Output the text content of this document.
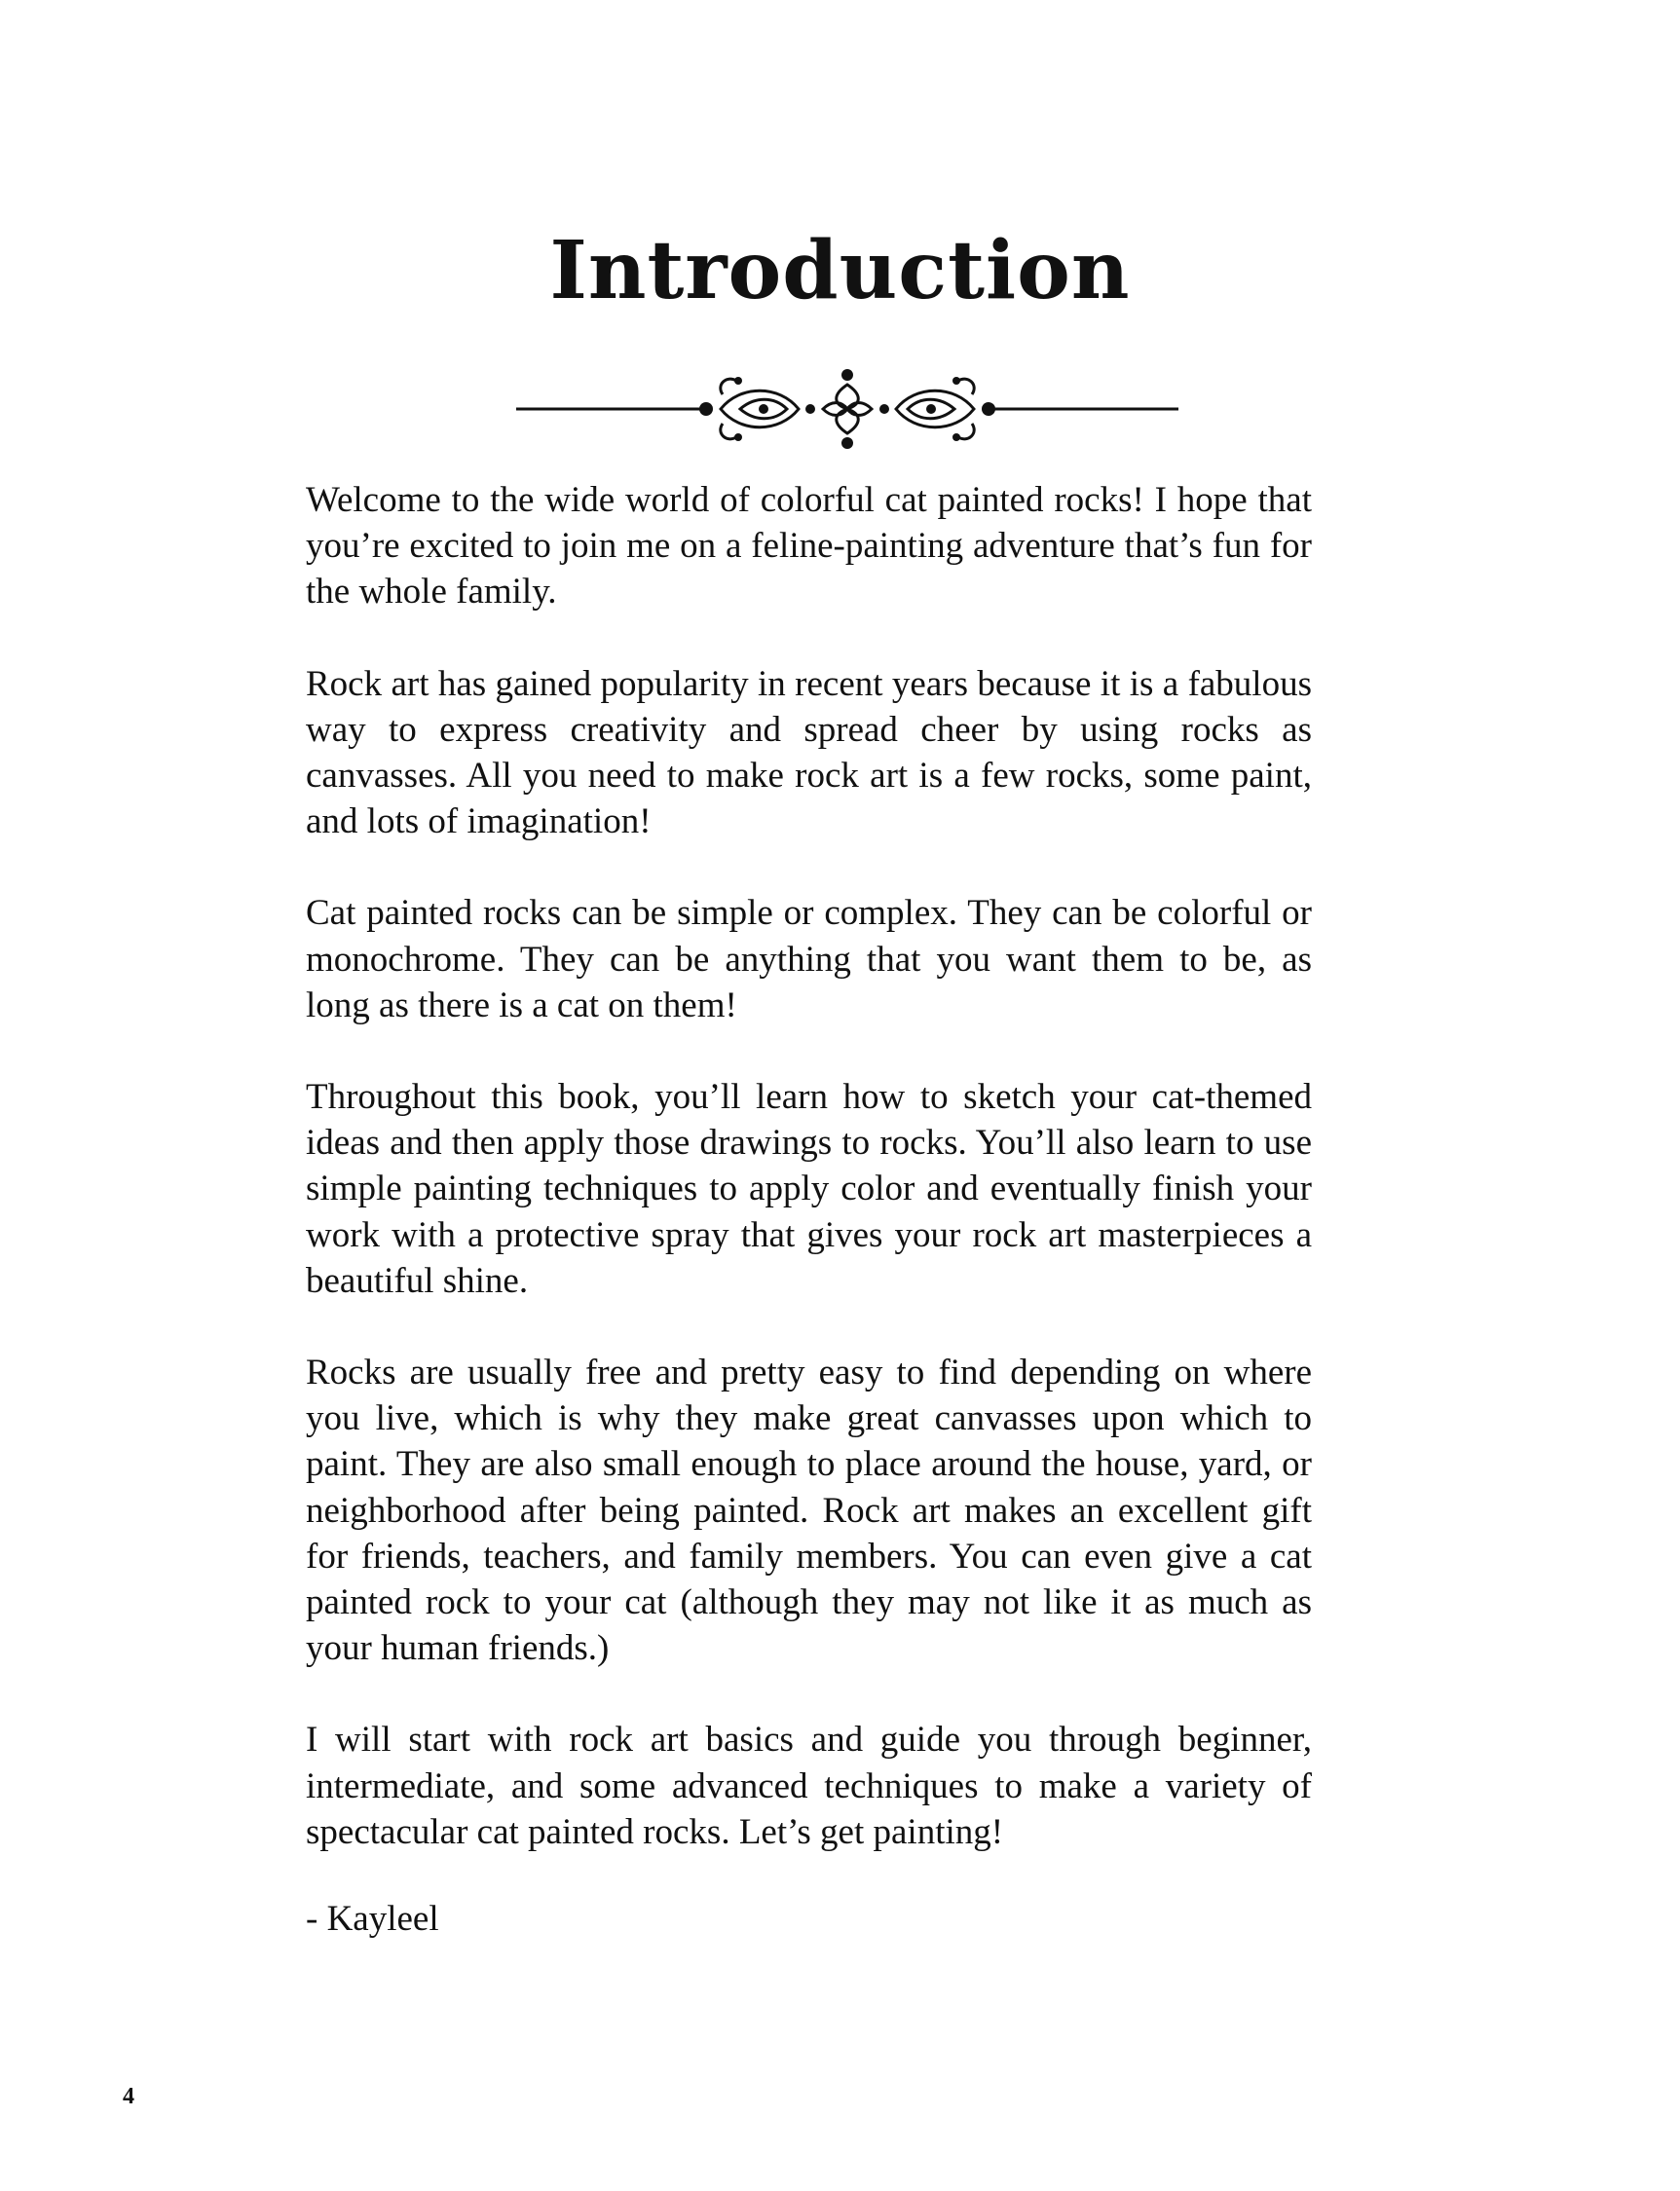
Introduction

Welcome to the wide world of colorful cat painted rocks! I hope that you’re excited to join me on a feline-painting adventure that’s fun for the whole family.

Rock art has gained popularity in recent years because it is a fabulous way to express creativity and spread cheer by using rocks as canvasses. All you need to make rock art is a few rocks, some paint, and lots of imagination!

Cat painted rocks can be simple or complex. They can be colorful or monochrome. They can be anything that you want them to be, as long as there is a cat on them!

Throughout this book, you’ll learn how to sketch your cat-themed ideas and then apply those drawings to rocks. You’ll also learn to use simple painting techniques to apply color and eventually finish your work with a protective spray that gives your rock art masterpieces a beautiful shine.

Rocks are usually free and pretty easy to find depending on where you live, which is why they make great canvasses upon which to paint. They are also small enough to place around the house, yard, or neighborhood after being painted. Rock art makes an excellent gift for friends, teachers, and family members. You can even give a cat painted rock to your cat (although they may not like it as much as your human friends.)

I will start with rock art basics and guide you through beginner, intermediate, and some advanced techniques to make a variety of spectacular cat painted rocks. Let’s get painting!

- Kayleel
4
